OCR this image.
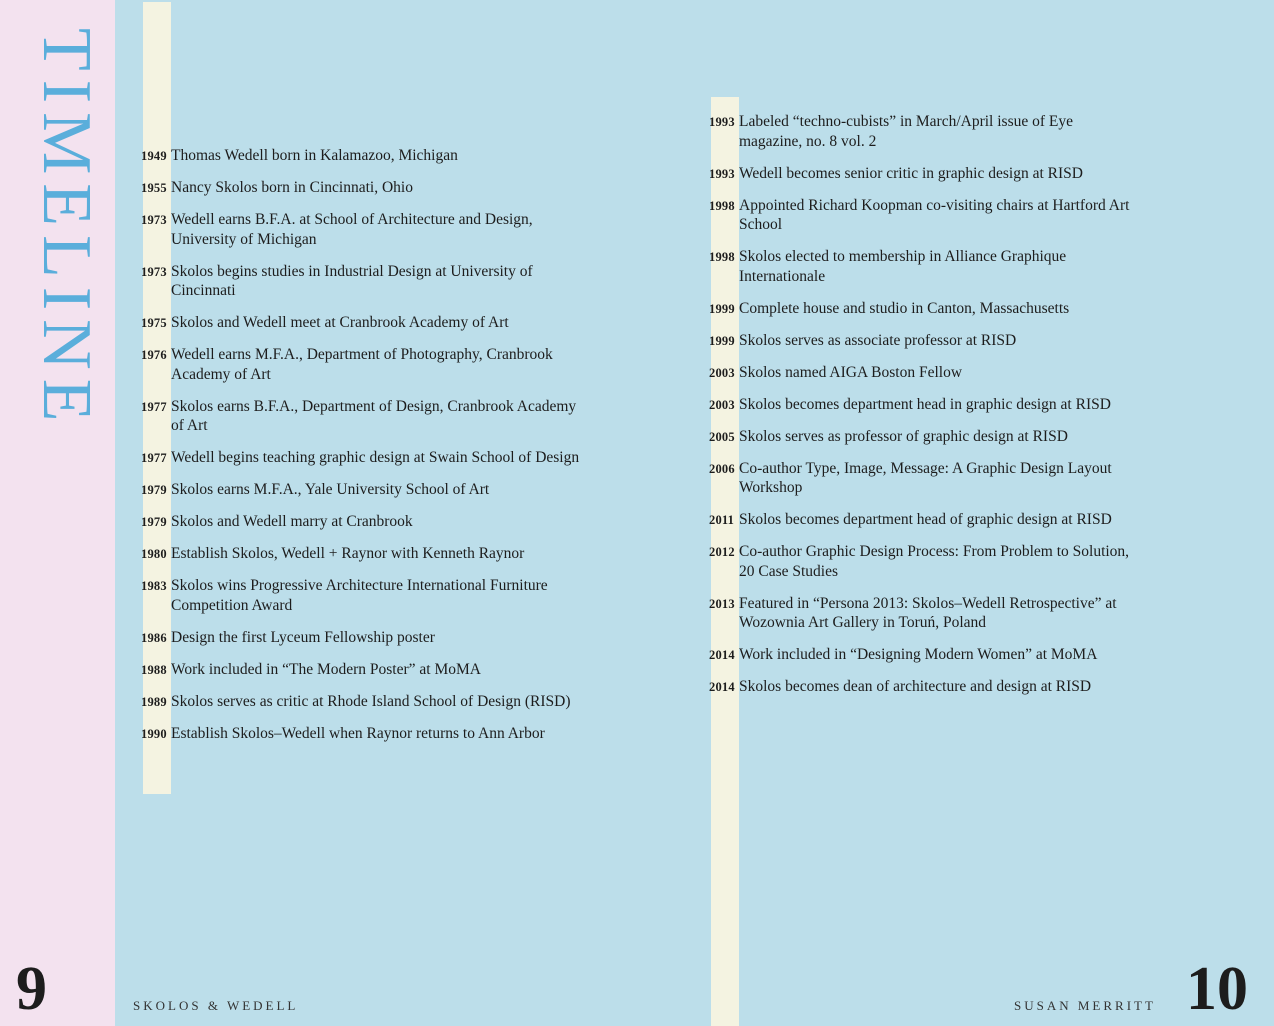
TIMELINE	1949 Thomas Wedell born in Kalamazoo, Michigan
1955 Nancy Skolos born in Cincinnati, Ohio
1973 Wedell earns B.F.A. at School of Architecture and Design, University of Michigan
1973 Skolos begins studies in Industrial Design at University of Cincinnati
1975 Skolos and Wedell meet at Cranbrook Academy of Art
1976 Wedell earns M.F.A., Department of Photography, Cranbrook Academy of Art
1977 Skolos earns B.F.A., Department of Design, Cranbrook Academy of Art
1977 Wedell begins teaching graphic design at Swain School of Design
1979 Skolos earns M.F.A., Yale University School of Art
1979 Skolos and Wedell marry at Cranbrook
1980 Establish Skolos, Wedell + Raynor with Kenneth Raynor
1983 Skolos wins Progressive Architecture International Furniture Competition Award
1986 Design the first Lyceum Fellowship poster
1988 Work included in “The Modern Poster” at MoMA
1989 Skolos serves as critic at Rhode Island School of Design (RISD)
1990 Establish Skolos–Wedell when Raynor returns to Ann Arbor
1993 Labeled “techno-cubists” in March/April issue of Eye magazine, no. 8 vol. 2
1993 Wedell becomes senior critic in graphic design at RISD
1998 Appointed Richard Koopman co-visiting chairs at Hartford Art School
1998 Skolos elected to membership in Alliance Graphique Internationale
1999 Complete house and studio in Canton, Massachusetts
1999 Skolos serves as associate professor at RISD
2003 Skolos named AIGA Boston Fellow
2003 Skolos becomes department head in graphic design at RISD
2005 Skolos serves as professor of graphic design at RISD
2006 Co-author Type, Image, Message: A Graphic Design Layout Workshop
2011 Skolos becomes department head of graphic design at RISD
2012 Co-author Graphic Design Process: From Problem to Solution, 20 Case Studies
2013 Featured in “Persona 2013: Skolos–Wedell Retrospective” at Wozownia Art Gallery in Toruń, Poland
2014 Work included in “Designing Modern Women” at MoMA
2014 Skolos becomes dean of architecture and design at RISD
9	SKOLOS & WEDELL	SUSAN MERRITT 10
